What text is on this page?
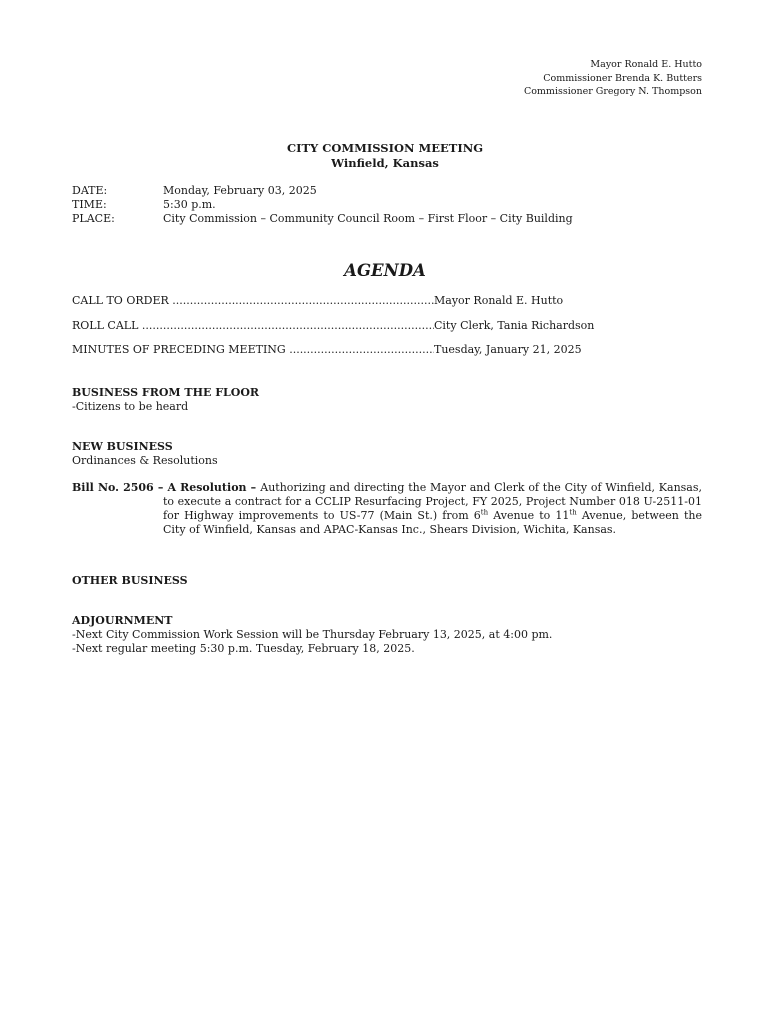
Mayor Ronald E. Hutto
Commissioner Brenda K. Butters
Commissioner Gregory N. Thompson
CITY COMMISSION MEETING
Winfield, Kansas
DATE:	Monday, February 03, 2025
TIME:	5:30 p.m.
PLACE:	City Commission – Community Council Room – First Floor – City Building
AGENDA
CALL TO ORDER .....	Mayor Ronald E. Hutto
ROLL CALL .....	City Clerk, Tania Richardson
MINUTES OF PRECEDING MEETING .....	Tuesday, January 21, 2025
BUSINESS FROM THE FLOOR
-Citizens to be heard
NEW BUSINESS
Ordinances & Resolutions
Bill No. 2506 – A Resolution – Authorizing and directing the Mayor and Clerk of the City of Winfield, Kansas, to execute a contract for a CCLIP Resurfacing Project, FY 2025, Project Number 018 U-2511-01 for Highway improvements to US-77 (Main St.) from 6th Avenue to 11th Avenue, between the City of Winfield, Kansas and APAC-Kansas Inc., Shears Division, Wichita, Kansas.
OTHER BUSINESS
ADJOURNMENT
-Next City Commission Work Session will be Thursday February 13, 2025, at 4:00 pm.
-Next regular meeting 5:30 p.m. Tuesday, February 18, 2025.
